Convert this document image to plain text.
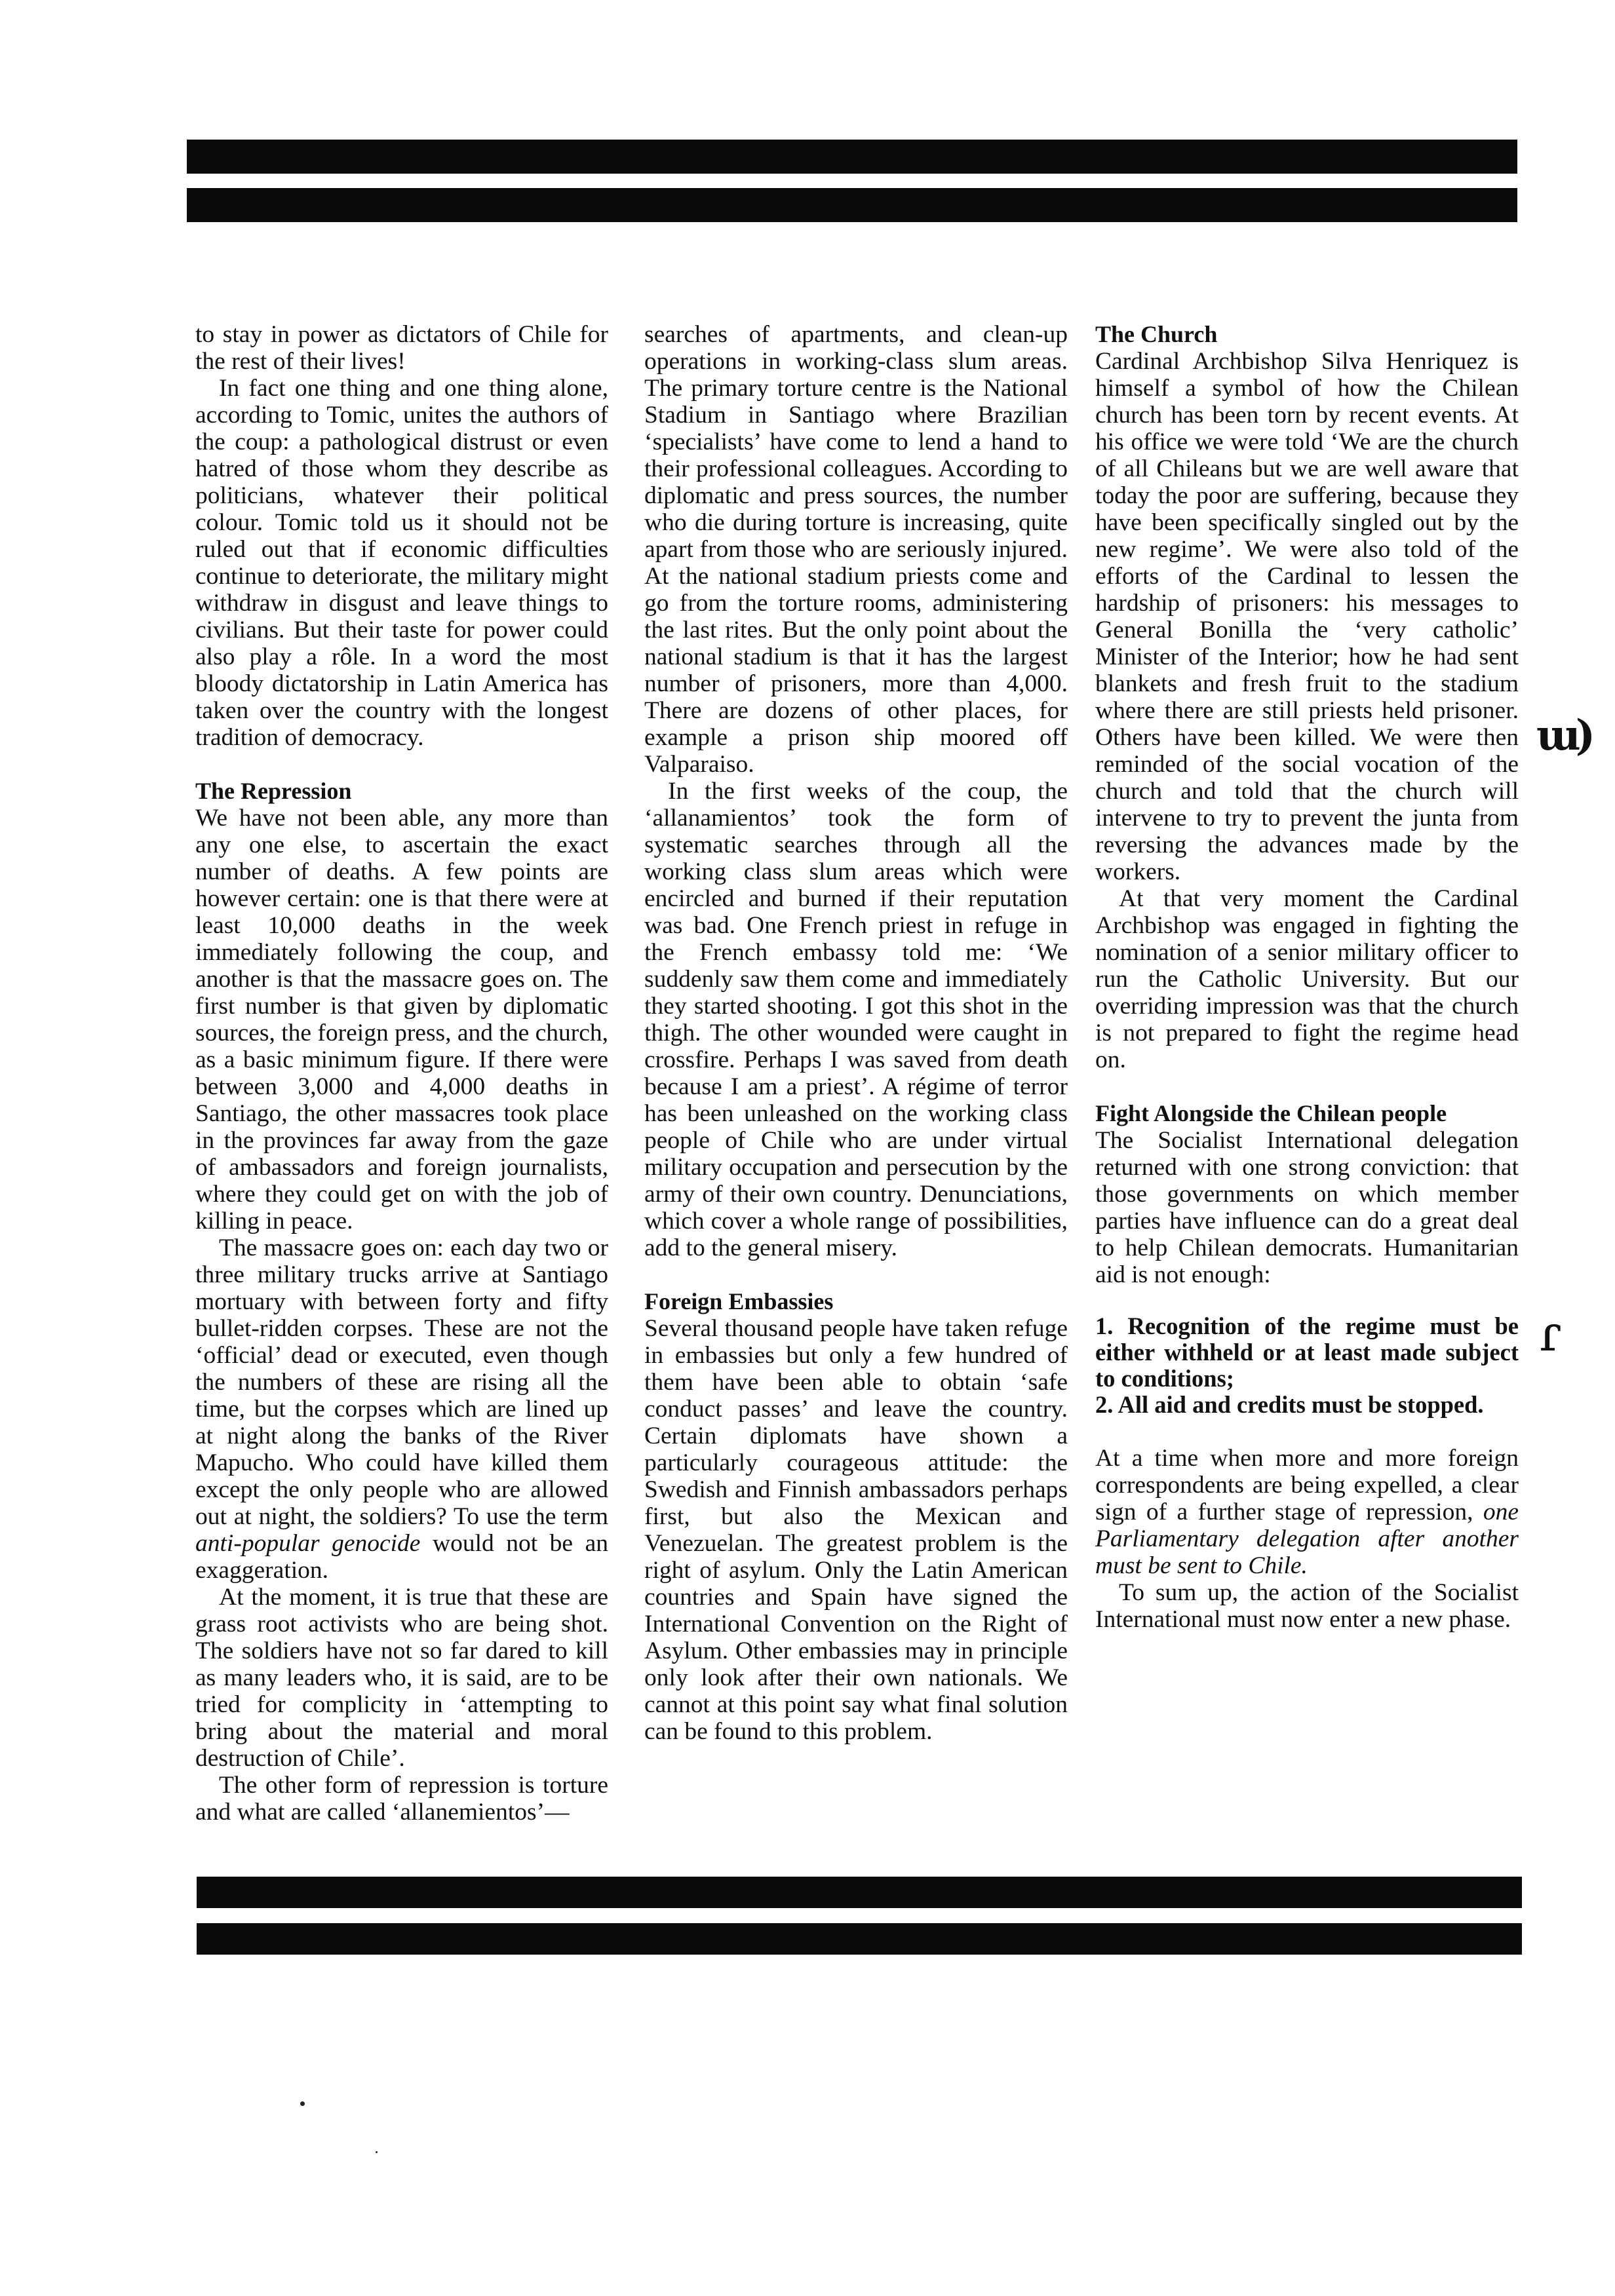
to stay in power as dictators of Chile for the rest of their lives!

In fact one thing and one thing alone, according to Tomic, unites the authors of the coup: a pathological distrust or even hatred of those whom they describe as politicians, whatever their political colour. Tomic told us it should not be ruled out that if economic difficulties continue to deteriorate, the military might withdraw in disgust and leave things to civilians. But their taste for power could also play a rôle. In a word the most bloody dictatorship in Latin America has taken over the country with the longest tradition of democracy.

The Repression

We have not been able, any more than any one else, to ascertain the exact number of deaths. A few points are however certain: one is that there were at least 10,000 deaths in the week immediately following the coup, and another is that the massacre goes on. The first number is that given by diplomatic sources, the foreign press, and the church, as a basic minimum figure. If there were between 3,000 and 4,000 deaths in Santiago, the other massacres took place in the provinces far away from the gaze of ambassadors and foreign journalists, where they could get on with the job of killing in peace.

The massacre goes on: each day two or three military trucks arrive at Santiago mortuary with between forty and fifty bullet-ridden corpses. These are not the ‘official’ dead or executed, even though the numbers of these are rising all the time, but the corpses which are lined up at night along the banks of the River Mapucho. Who could have killed them except the only people who are allowed out at night, the soldiers? To use the term anti-popular genocide would not be an exaggeration.

At the moment, it is true that these are grass root activists who are being shot. The soldiers have not so far dared to kill as many leaders who, it is said, are to be tried for complicity in ‘attempting to bring about the material and moral destruction of Chile’.

The other form of repression is torture and what are called ‘allanemientos’—

searches of apartments, and clean-up operations in working-class slum areas. The primary torture centre is the National Stadium in Santiago where Brazilian ‘specialists’ have come to lend a hand to their professional colleagues. According to diplomatic and press sources, the number who die during torture is increasing, quite apart from those who are seriously injured. At the national stadium priests come and go from the torture rooms, administering the last rites. But the only point about the national stadium is that it has the largest number of prisoners, more than 4,000. There are dozens of other places, for example a prison ship moored off Valparaiso.

In the first weeks of the coup, the ‘allanamientos’ took the form of systematic searches through all the working class slum areas which were encircled and burned if their reputation was bad. One French priest in refuge in the French embassy told me: ‘We suddenly saw them come and immediately they started shooting. I got this shot in the thigh. The other wounded were caught in crossfire. Perhaps I was saved from death because I am a priest’. A régime of terror has been unleashed on the working class people of Chile who are under virtual military occupation and persecution by the army of their own country. Denunciations, which cover a whole range of possibilities, add to the general misery.

Foreign Embassies

Several thousand people have taken refuge in embassies but only a few hundred of them have been able to obtain ‘safe conduct passes’ and leave the country. Certain diplomats have shown a particularly courageous attitude: the Swedish and Finnish ambassadors perhaps first, but also the Mexican and Venezuelan. The greatest problem is the right of asylum. Only the Latin American countries and Spain have signed the International Convention on the Right of Asylum. Other embassies may in principle only look after their own nationals. We cannot at this point say what final solution can be found to this problem.

The Church

Cardinal Archbishop Silva Henriquez is himself a symbol of how the Chilean church has been torn by recent events. At his office we were told ‘We are the church of all Chileans but we are well aware that today the poor are suffering, because they have been specifically singled out by the new regime’. We were also told of the efforts of the Cardinal to lessen the hardship of prisoners: his messages to General Bonilla the ‘very catholic’ Minister of the Interior; how he had sent blankets and fresh fruit to the stadium where there are still priests held prisoner. Others have been killed. We were then reminded of the social vocation of the church and told that the church will intervene to try to prevent the junta from reversing the advances made by the workers.

At that very moment the Cardinal Archbishop was engaged in fighting the nomination of a senior military officer to run the Catholic University. But our overriding impression was that the church is not prepared to fight the regime head on.

Fight Alongside the Chilean people

The Socialist International delegation returned with one strong conviction: that those governments on which member parties have influence can do a great deal to help Chilean democrats. Humanitarian aid is not enough:

1. Recognition of the regime must be either withheld or at least made subject to conditions;
2. All aid and credits must be stopped.

At a time when more and more foreign correspondents are being expelled, a clear sign of a further stage of repression, one Parliamentary delegation after another must be sent to Chile.

To sum up, the action of the Socialist International must now enter a new phase.

ɯ)
ɾ
